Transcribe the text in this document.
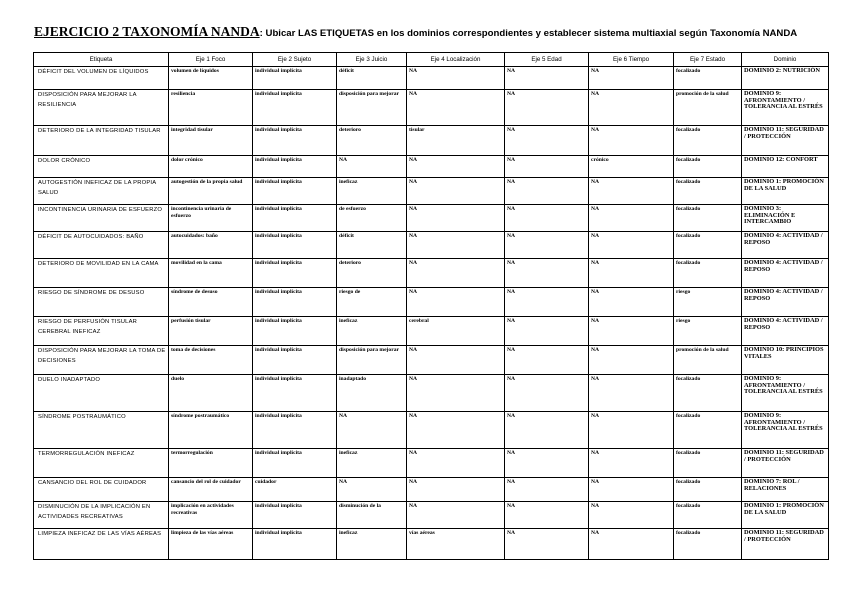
EJERCICIO 2 TAXONOMÍA NANDA: Ubicar LAS ETIQUETAS en los dominios correspondientes y establecer sistema multiaxial según Taxonomía NANDA
Etiqueta	Eje 1 Foco	Eje 2 Sujeto	Eje 3 Juicio	Eje 4 Localización	Eje 5 Edad	Eje 6 Tiempo	Eje 7 Estado	Dominio
DÉFICIT DEL VOLUMEN DE LÍQUIDOS	volumen de líquidos	individual implícita	déficit	NA	NA	NA	focalizado	DOMINIO 2: NUTRICIÓN
DISPOSICIÓN PARA MEJORAR LA RESILIENCIA	resiliencia	individual implícita	disposición para mejorar	NA	NA	NA	promoción de la salud	DOMINIO 9: AFRONTAMIENTO / TOLERANCIA AL ESTRÉS
DETERIORO DE LA INTEGRIDAD TISULAR	integridad tisular	individual implícita	deterioro	tisular	NA	NA	focalizado	DOMINIO 11: SEGURIDAD / PROTECCIÓN
DOLOR CRÓNICO	dolor crónico	individual implícita	NA	NA	NA	crónico	focalizado	DOMINIO 12: CONFORT
AUTOGESTIÓN INEFICAZ DE LA PROPIA SALUD	autogestión de la propia salud	individual implícita	ineficaz	NA	NA	NA	focalizado	DOMINIO 1: PROMOCIÓN DE LA SALUD
INCONTINENCIA URINARIA DE ESFUERZO	incontinencia urinaria de esfuerzo	individual implícita	de esfuerzo	NA	NA	NA	focalizado	DOMINIO 3: ELIMINACIÓN E INTERCAMBIO
DÉFICIT DE AUTOCUIDADOS: BAÑO	autocuidados: baño	individual implícita	déficit	NA	NA	NA	focalizado	DOMINIO 4: ACTIVIDAD / REPOSO
DETERIORO DE MOVILIDAD EN LA CAMA	movilidad en la cama	individual implícita	deterioro	NA	NA	NA	focalizado	DOMINIO 4: ACTIVIDAD / REPOSO
RIESGO DE SÍNDROME DE DESUSO	síndrome de desuso	individual implícita	riesgo de	NA	NA	NA	riesgo	DOMINIO 4: ACTIVIDAD / REPOSO
RIESGO DE PERFUSIÓN TISULAR CEREBRAL INEFICAZ	perfusión tisular	individual implícita	ineficaz	cerebral	NA	NA	riesgo	DOMINIO 4: ACTIVIDAD / REPOSO
DISPOSICIÓN PARA MEJORAR LA TOMA DE DECISIONES	toma de decisiones	individual implícita	disposición para mejorar	NA	NA	NA	promoción de la salud	DOMINIO 10: PRINCIPIOS VITALES
DUELO INADAPTADO	duelo	individual implícita	inadaptado	NA	NA	NA	focalizado	DOMINIO 9: AFRONTAMIENTO / TOLERANCIA AL ESTRÉS
SÍNDROME POSTRAUMÁTICO	síndrome postraumático	individual implícita	NA	NA	NA	NA	focalizado	DOMINIO 9: AFRONTAMIENTO / TOLERANCIA AL ESTRÉS
TERMORREGULACIÓN INEFICAZ	termorregulación	individual implícita	ineficaz	NA	NA	NA	focalizado	DOMINIO 11: SEGURIDAD / PROTECCIÓN
CANSANCIO DEL ROL DE CUIDADOR	cansancio del rol de cuidador	cuidador	NA	NA	NA	NA	focalizado	DOMINIO 7: ROL / RELACIONES
DISMINUCIÓN DE LA IMPLICACIÓN EN ACTIVIDADES RECREATIVAS	implicación en actividades recreativas	individual implícita	disminución de la	NA	NA	NA	focalizado	DOMINIO 1: PROMOCIÓN DE LA SALUD
LIMPIEZA INEFICAZ DE LAS VÍAS AÉREAS	limpieza de las vías aéreas	individual implícita	ineficaz	vías aéreas	NA	NA	focalizado	DOMINIO 11: SEGURIDAD / PROTECCIÓN
